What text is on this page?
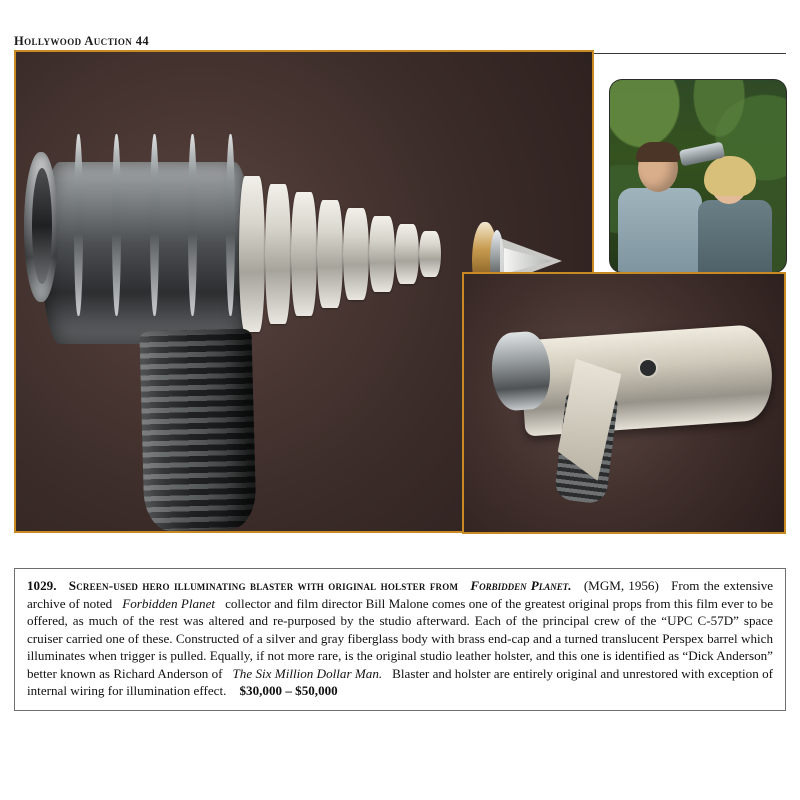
Hollywood Auction 44

1029. Screen-used hero illuminating blaster with original holster from Forbidden Planet. (MGM, 1956) From the extensive archive of noted Forbidden Planet collector and film director Bill Malone comes one of the greatest original props from this film ever to be offered, as much of the rest was altered and re-purposed by the studio afterward. Each of the principal crew of the “UPC C-57D” space cruiser carried one of these. Constructed of a silver and gray fiberglass body with brass end-cap and a turned translucent Perspex barrel which illuminates when trigger is pulled. Equally, if not more rare, is the original studio leather holster, and this one is identified as “Dick Anderson” better known as Richard Anderson of The Six Million Dollar Man. Blaster and holster are entirely original and unrestored with exception of internal wiring for illumination effect. $30,000 – $50,000
